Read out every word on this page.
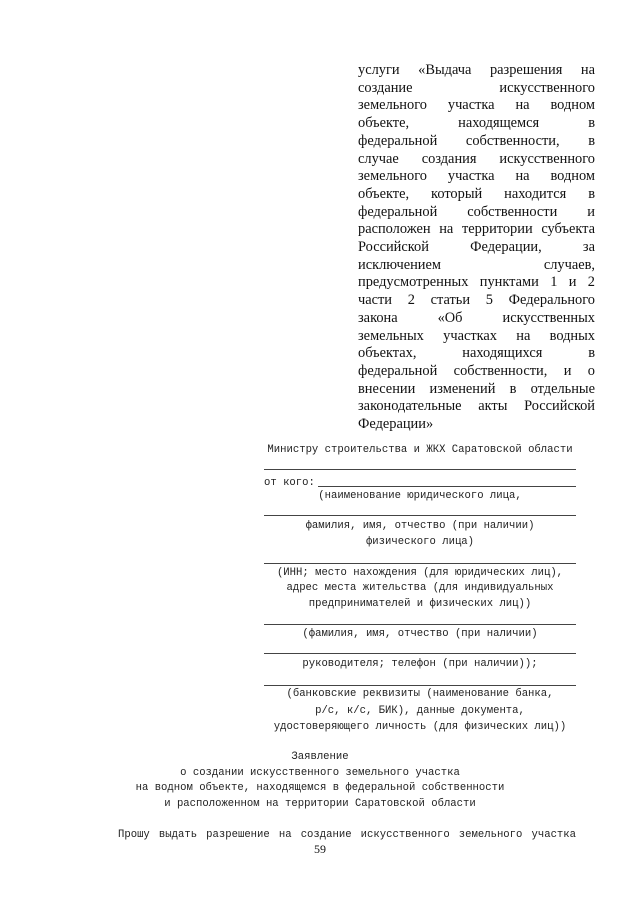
услуги «Выдача разрешения на
создание искусственного
земельного участка на водном
объекте, находящемся в
федеральной собственности, в
случае создания искусственного
земельного участка на водном
объекте, который находится в
федеральной собственности и
расположен на территории субъекта
Российской Федерации, за
исключением случаев,
предусмотренных пунктами 1 и 2
части 2 статьи 5 Федерального
закона «Об искусственных
земельных участках на водных
объектах, находящихся в
федеральной собственности, и о
внесении изменений в отдельные
законодательные акты Российской
Федерации»
Министру строительства и ЖКХ Саратовской области
от кого:
(наименование юридического лица,
фамилия, имя, отчество (при наличии)
физического лица)
(ИНН; место нахождения (для юридических лиц),
адрес места жительства (для индивидуальных
предпринимателей и физических лиц))
(фамилия, имя, отчество (при наличии)
руководителя; телефон (при наличии));
(банковские реквизиты (наименование банка,
р/с, к/с, БИК), данные документа,
удостоверяющего личность (для физических лиц))
Заявление
о создании искусственного земельного участка
на водном объекте, находящемся в федеральной собственности
и расположенном на территории Саратовской области
Прошу выдать разрешение на создание искусственного земельного участка
59
